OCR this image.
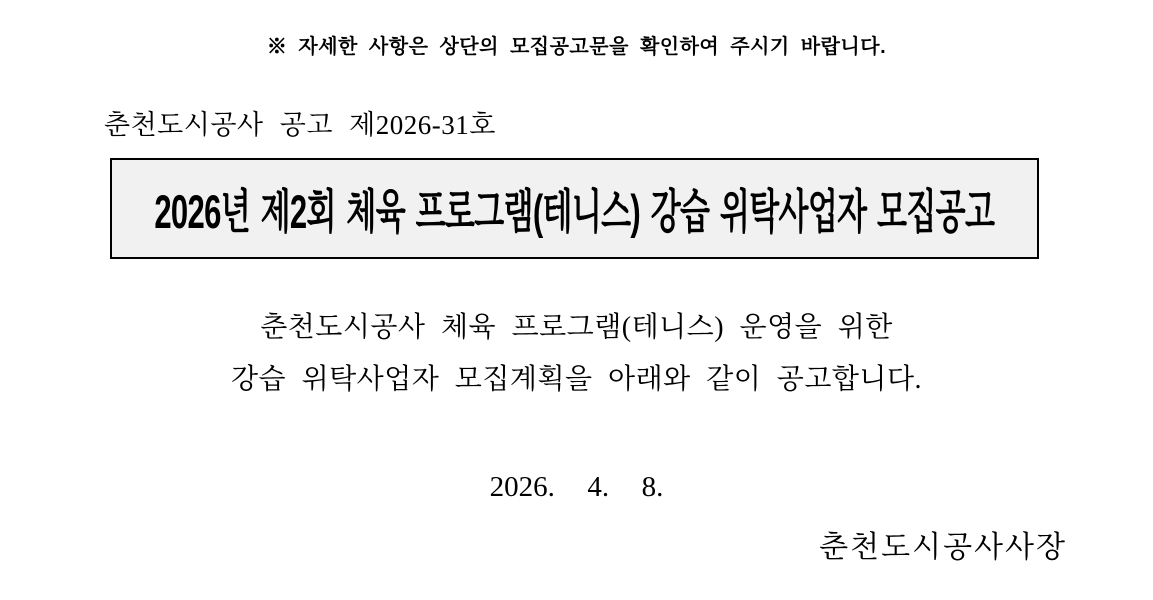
※ 자세한 사항은 상단의 모집공고문을 확인하여 주시기 바랍니다.
춘천도시공사 공고 제2026-31호
2026년 제2회 체육 프로그램(테니스) 강습 위탁사업자 모집공고
춘천도시공사 체육 프로그램(테니스) 운영을 위한
강습 위탁사업자 모집계획을 아래와 같이 공고합니다.
2026.  4.  8.
춘천도시공사사장
